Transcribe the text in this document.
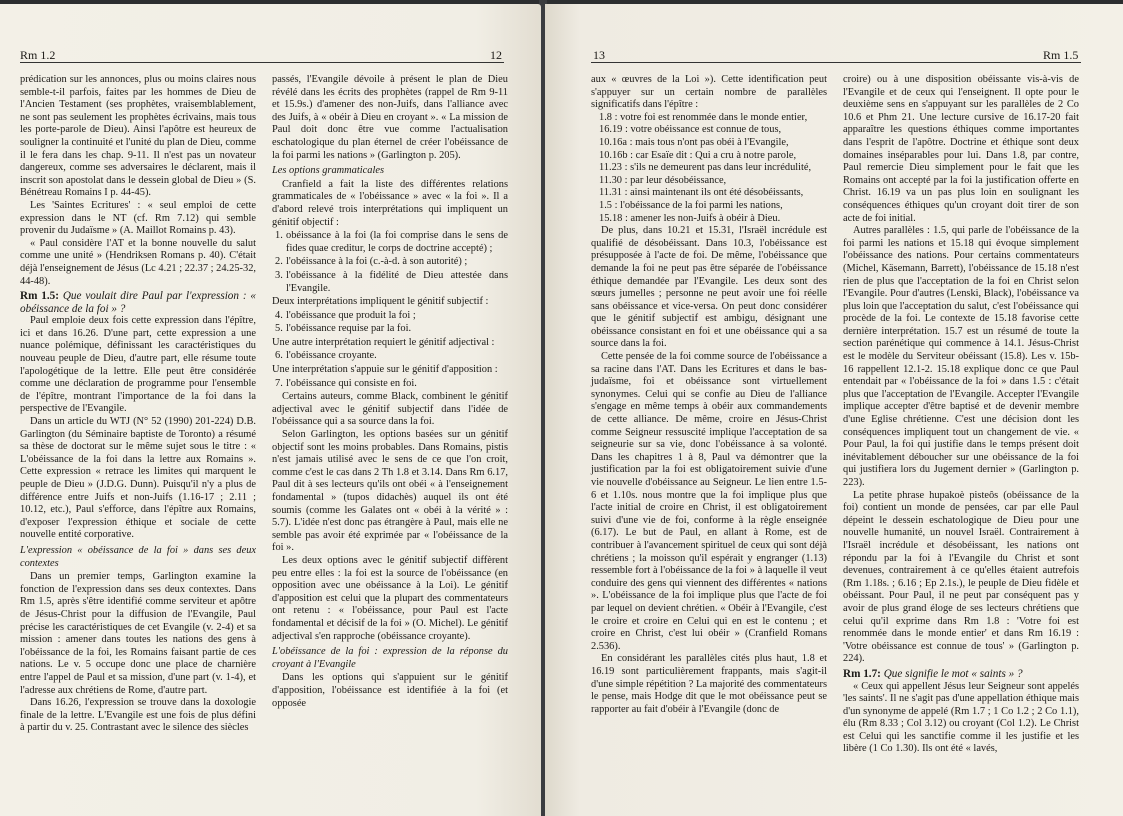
Rm 1.2	12

prédication sur les annonces, plus ou moins claires nous semble-t-il parfois, faites par les hommes de Dieu de l'Ancien Testament (ses prophètes, vraisemblablement, ne sont pas seulement les prophètes écrivains, mais tous les porte-parole de Dieu). Ainsi l'apôtre est heureux de souligner la continuité et l'unité du plan de Dieu, comme il le fera dans les chap. 9-11. Il n'est pas un novateur dangereux, comme ses adversaires le déclarent, mais il inscrit son apostolat dans le dessein global de Dieu » (S. Bénétreau Romains I p. 44-45).

Les 'Saintes Ecritures' : « seul emploi de cette expression dans le NT (cf. Rm 7.12) qui semble provenir du Judaïsme » (A. Maillot Romains p. 43).

« Paul considère l'AT et la bonne nouvelle du salut comme une unité » (Hendriksen Romans p. 40). C'était déjà l'enseignement de Jésus (Lc 4.21 ; 22.37 ; 24.25-32, 44-48).

Rm 1.5: Que voulait dire Paul par l'expression : « obéissance de la foi » ?

Paul emploie deux fois cette expression dans l'épître, ici et dans 16.26. D'une part, cette expression a une nuance polémique, définissant les caractéristiques du nouveau peuple de Dieu, d'autre part, elle résume toute l'apologétique de la lettre. Elle peut être considérée comme une déclaration de programme pour l'ensemble de l'épître, montrant l'importance de la foi dans la perspective de l'Evangile.

Dans un article du WTJ (N° 52 (1990) 201-224) D.B. Garlington (du Séminaire baptiste de Toronto) a résumé sa thèse de doctorat sur le même sujet sous le titre : « L'obéissance de la foi dans la lettre aux Romains ». Cette expression « retrace les limites qui marquent le peuple de Dieu » (J.D.G. Dunn). Puisqu'il n'y a plus de différence entre Juifs et non-Juifs (1.16-17 ; 2.11 ; 10.12, etc.), Paul s'efforce, dans l'épître aux Romains, d'exposer l'expression éthique et sociale de cette nouvelle entité corporative.

L'expression « obéissance de la foi » dans ses deux contextes

Dans un premier temps, Garlington examine la fonction de l'expression dans ses deux contextes. Dans Rm 1.5, après s'être identifié comme serviteur et apôtre de Jésus-Christ pour la diffusion de l'Evangile, Paul précise les caractéristiques de cet Evangile (v. 2-4) et sa mission : amener dans toutes les nations des gens à l'obéissance de la foi, les Romains faisant partie de ces nations. Le v. 5 occupe donc une place de charnière entre l'appel de Paul et sa mission, d'une part (v. 1-4), et l'adresse aux chrétiens de Rome, d'autre part.

Dans 16.26, l'expression se trouve dans la doxologie finale de la lettre. L'Evangile est une fois de plus défini à partir du v. 25. Contrastant avec le silence des siècles

passés, l'Evangile dévoile à présent le plan de Dieu révélé dans les écrits des prophètes (rappel de Rm 9-11 et 15.9s.) d'amener des non-Juifs, dans l'alliance avec des Juifs, à « obéir à Dieu en croyant ». « La mission de Paul doit donc être vue comme l'actualisation eschatologique du plan éternel de créer l'obéissance de la foi parmi les nations » (Garlington p. 205).

Les options grammaticales

Cranfield a fait la liste des différentes relations grammaticales de « l'obéissance » avec « la foi ». Il a d'abord relevé trois interprétations qui impliquent un génitif objectif :

1. obéissance à la foi (la foi comprise dans le sens de fides quae creditur, le corps de doctrine accepté) ;
2. l'obéissance à la foi (c.-à-d. à son autorité) ;
3. l'obéissance à la fidélité de Dieu attestée dans l'Evangile.
Deux interprétations impliquent le génitif subjectif :
4. l'obéissance que produit la foi ;
5. l'obéissance requise par la foi.
Une autre interprétation requiert le génitif adjectival :
6. l'obéissance croyante.
Une interprétation s'appuie sur le génitif d'apposition :
7. l'obéissance qui consiste en foi.

Certains auteurs, comme Black, combinent le génitif adjectival avec le génitif subjectif dans l'idée de l'obéissance qui a sa source dans la foi.

Selon Garlington, les options basées sur un génitif objectif sont les moins probables. Dans Romains, pistis n'est jamais utilisé avec le sens de ce que l'on croit, comme c'est le cas dans 2 Th 1.8 et 3.14. Dans Rm 6.17, Paul dit à ses lecteurs qu'ils ont obéi « à l'enseignement fondamental » (tupos didachès) auquel ils ont été soumis (comme les Galates ont « obéi à la vérité » : 5.7). L'idée n'est donc pas étrangère à Paul, mais elle ne semble pas avoir été exprimée par « l'obéissance de la foi ».

Les deux options avec le génitif subjectif diffèrent peu entre elles : la foi est la source de l'obéissance (en opposition avec une obéissance à la Loi). Le génitif d'apposition est celui que la plupart des commentateurs ont retenu : « l'obéissance, pour Paul est l'acte fondamental et décisif de la foi » (O. Michel). Le génitif adjectival s'en rapproche (obéissance croyante).

L'obéissance de la foi : expression de la réponse du croyant à l'Evangile

Dans les options qui s'appuient sur le génitif d'apposition, l'obéissance est identifiée à la foi (et opposée

13	Rm 1.5

aux « œuvres de la Loi »). Cette identification peut s'appuyer sur un certain nombre de parallèles significatifs dans l'épître :

1.8 : votre foi est renommée dans le monde entier,
16.19 : votre obéissance est connue de tous,
10.16a : mais tous n'ont pas obéi à l'Evangile,
10.16b : car Esaïe dit : Qui a cru à notre parole,
11.23 : s'ils ne demeurent pas dans leur incrédulité,
11.30 : par leur désobéissance,
11.31 : ainsi maintenant ils ont été désobéissants,
1.5 : l'obéissance de la foi parmi les nations,
15.18 : amener les non-Juifs à obéir à Dieu.

De plus, dans 10.21 et 15.31, l'Israël incrédule est qualifié de désobéissant. Dans 10.3, l'obéissance est présupposée à l'acte de foi. De même, l'obéissance que demande la foi ne peut pas être séparée de l'obéissance éthique demandée par l'Evangile. Les deux sont des sœurs jumelles ; personne ne peut avoir une foi réelle sans obéissance et vice-versa. On peut donc considérer que le génitif subjectif est ambigu, désignant une obéissance consistant en foi et une obéissance qui a sa source dans la foi.

Cette pensée de la foi comme source de l'obéissance a sa racine dans l'AT. Dans les Ecritures et dans le bas-judaïsme, foi et obéissance sont virtuellement synonymes. Celui qui se confie au Dieu de l'alliance s'engage en même temps à obéir aux commandements de cette alliance. De même, croire en Jésus-Christ comme Seigneur ressuscité implique l'acceptation de sa seigneurie sur sa vie, donc l'obéissance à sa volonté. Dans les chapitres 1 à 8, Paul va démontrer que la justification par la foi est obligatoirement suivie d'une vie nouvelle d'obéissance au Seigneur. Le lien entre 1.5-6 et 1.10s. nous montre que la foi implique plus que l'acte initial de croire en Christ, il est obligatoirement suivi d'une vie de foi, conforme à la règle enseignée (6.17). Le but de Paul, en allant à Rome, est de contribuer à l'avancement spirituel de ceux qui sont déjà chrétiens ; la moisson qu'il espérait y engranger (1.13) ressemble fort à l'obéissance de la foi » à laquelle il veut conduire des gens qui viennent des différentes « nations ». L'obéissance de la foi implique plus que l'acte de foi par lequel on devient chrétien. « Obéir à l'Evangile, c'est le croire et croire en Celui qui en est le contenu ; et croire en Christ, c'est lui obéir » (Cranfield Romans 2.536).

En considérant les parallèles cités plus haut, 1.8 et 16.19 sont particulièrement frappants, mais s'agit-il d'une simple répétition ? La majorité des commentateurs le pense, mais Hodge dit que le mot obéissance peut se rapporter au fait d'obéir à l'Evangile (donc de

croire) ou à une disposition obéissante vis-à-vis de l'Evangile et de ceux qui l'enseignent. Il opte pour le deuxième sens en s'appuyant sur les parallèles de 2 Co 10.6 et Phm 21. Une lecture cursive de 16.17-20 fait apparaître les questions éthiques comme importantes dans l'esprit de l'apôtre. Doctrine et éthique sont deux domaines inséparables pour lui. Dans 1.8, par contre, Paul remercie Dieu simplement pour le fait que les Romains ont accepté par la foi la justification offerte en Christ. 16.19 va un pas plus loin en soulignant les conséquences éthiques qu'un croyant doit tirer de son acte de foi initial.

Autres parallèles : 1.5, qui parle de l'obéissance de la foi parmi les nations et 15.18 qui évoque simplement l'obéissance des nations. Pour certains commentateurs (Michel, Käsemann, Barrett), l'obéissance de 15.18 n'est rien de plus que l'acceptation de la foi en Christ selon l'Evangile. Pour d'autres (Lenski, Black), l'obéissance va plus loin que l'acceptation du salut, c'est l'obéissance qui procède de la foi. Le contexte de 15.18 favorise cette dernière interprétation. 15.7 est un résumé de toute la section parénétique qui commence à 14.1. Jésus-Christ est le modèle du Serviteur obéissant (15.8). Les v. 15b-16 rappellent 12.1-2. 15.18 explique donc ce que Paul entendait par « l'obéissance de la foi » dans 1.5 : c'était plus que l'acceptation de l'Evangile. Accepter l'Evangile implique accepter d'être baptisé et de devenir membre d'une Eglise chrétienne. C'est une décision dont les conséquences impliquent tout un changement de vie. « Pour Paul, la foi qui justifie dans le temps présent doit inévitablement déboucher sur une obéissance de la foi qui justifiera lors du Jugement dernier » (Garlington p. 223).

La petite phrase hupakoè pisteôs (obéissance de la foi) contient un monde de pensées, car par elle Paul dépeint le dessein eschatologique de Dieu pour une nouvelle humanité, un nouvel Israël. Contrairement à l'Israël incrédule et désobéissant, les nations ont répondu par la foi à l'Evangile du Christ et sont devenues, contrairement à ce qu'elles étaient autrefois (Rm 1.18s. ; 6.16 ; Ep 2.1s.), le peuple de Dieu fidèle et obéissant. Pour Paul, il ne peut par conséquent pas y avoir de plus grand éloge de ses lecteurs chrétiens que celui qu'il exprime dans Rm 1.8 : 'Votre foi est renommée dans le monde entier' et dans Rm 16.19 : 'Votre obéissance est connue de tous' » (Garlington p. 224).

Rm 1.7: Que signifie le mot « saints » ?

« Ceux qui appellent Jésus leur Seigneur sont appelés 'les saints'. Il ne s'agit pas d'une appellation éthique mais d'un synonyme de appelé (Rm 1.7 ; 1 Co 1.2 ; 2 Co 1.1), élu (Rm 8.33 ; Col 3.12) ou croyant (Col 1.2). Le Christ est Celui qui les sanctifie comme il les justifie et les libère (1 Co 1.30). Ils ont été « lavés,
